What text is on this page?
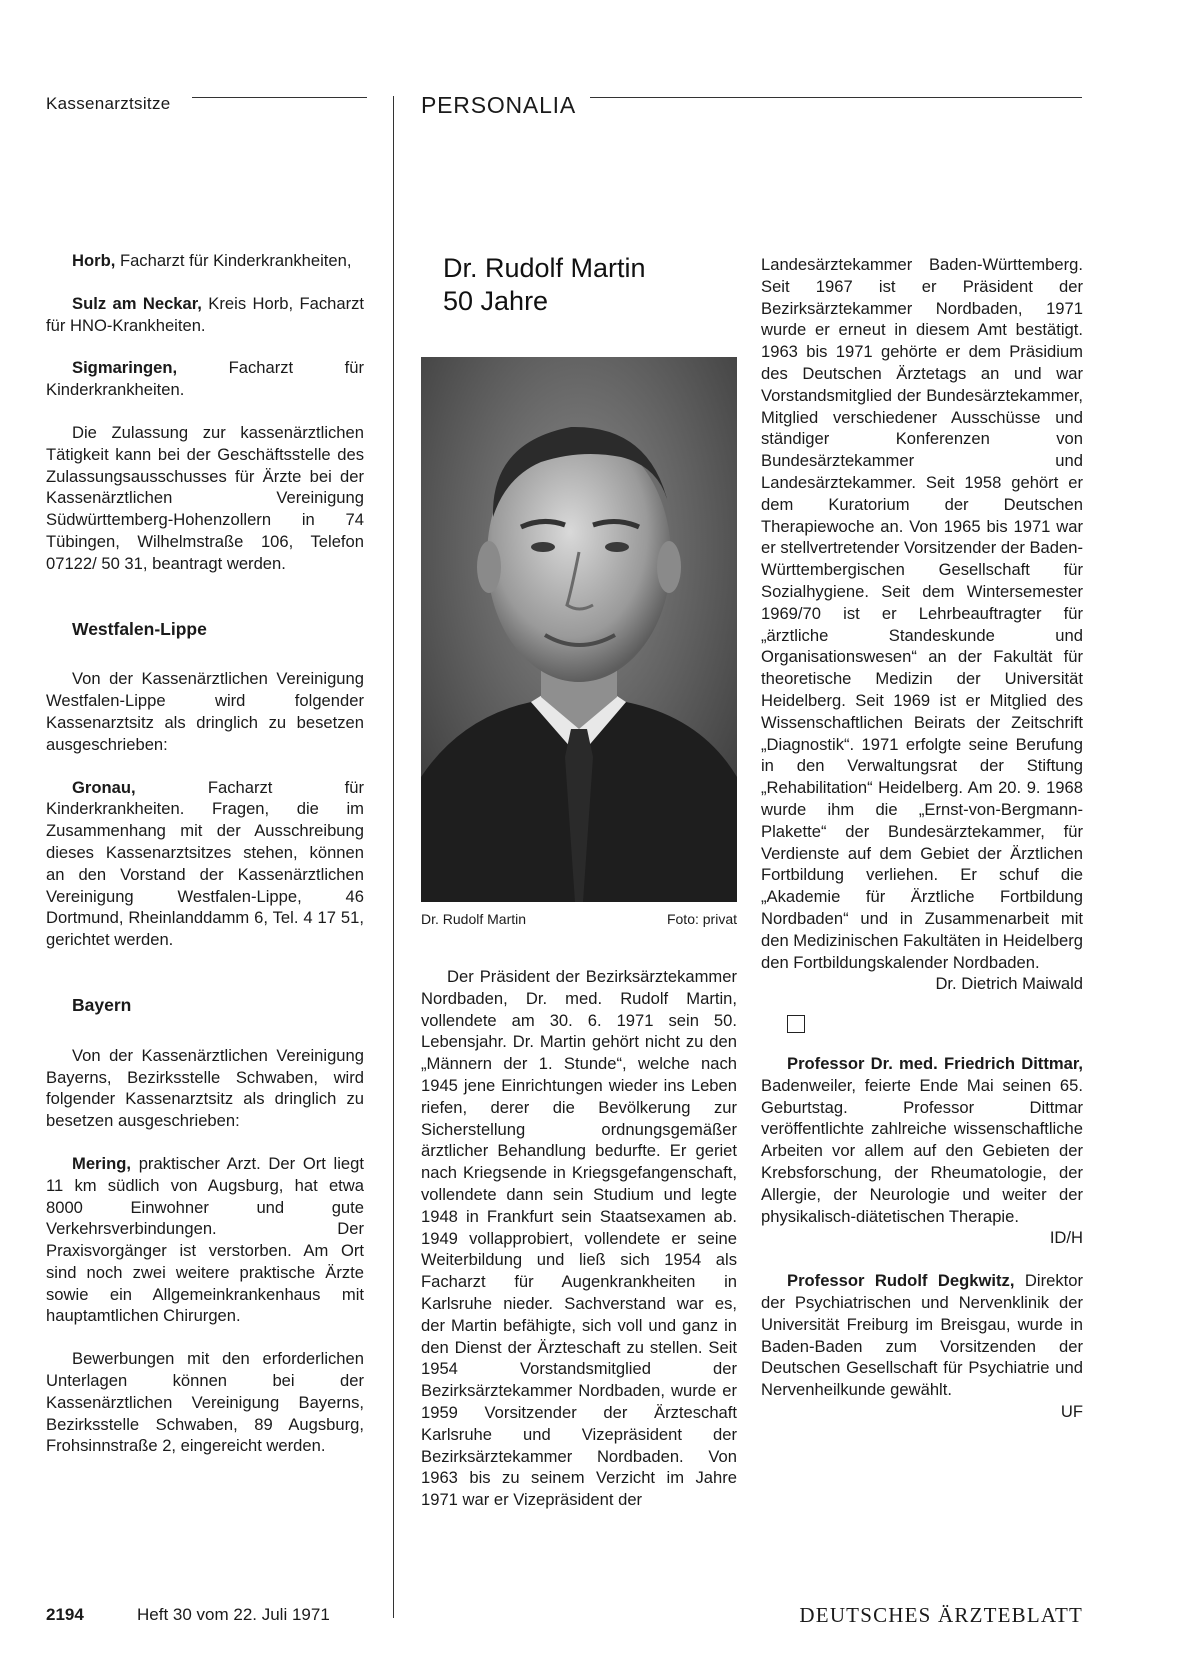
Kassenarztsitze	PERSONALIA

Horb, Facharzt für Kinderkrankheiten,

Sulz am Neckar, Kreis Horb, Facharzt für HNO-Krankheiten.

Sigmaringen, Facharzt für Kinderkrankheiten.

Die Zulassung zur kassenärztlichen Tätigkeit kann bei der Geschäftsstelle des Zulassungsausschusses für Ärzte bei der Kassenärztlichen Vereinigung Südwürttemberg-Hohenzollern in 74 Tübingen, Wilhelmstraße 106, Telefon 07122/ 50 31, beantragt werden.

Westfalen-Lippe

Von der Kassenärztlichen Vereinigung Westfalen-Lippe wird folgender Kassenarztsitz als dringlich zu besetzen ausgeschrieben:

Gronau, Facharzt für Kinderkrankheiten. Fragen, die im Zusammenhang mit der Ausschreibung dieses Kassenarztsitzes stehen, können an den Vorstand der Kassenärztlichen Vereinigung Westfalen-Lippe, 46 Dortmund, Rheinlanddamm 6, Tel. 4 17 51, gerichtet werden.

Bayern

Von der Kassenärztlichen Vereinigung Bayerns, Bezirksstelle Schwaben, wird folgender Kassenarztsitz als dringlich zu besetzen ausgeschrieben:

Mering, praktischer Arzt. Der Ort liegt 11 km südlich von Augsburg, hat etwa 8000 Einwohner und gute Verkehrsverbindungen. Der Praxisvorgänger ist verstorben. Am Ort sind noch zwei weitere praktische Ärzte sowie ein Allgemeinkrankenhaus mit hauptamtlichen Chirurgen.

Bewerbungen mit den erforderlichen Unterlagen können bei der Kassenärztlichen Vereinigung Bayerns, Bezirksstelle Schwaben, 89 Augsburg, Frohsinnstraße 2, eingereicht werden.

Dr. Rudolf Martin
50 Jahre
Dr. Rudolf Martin	Foto: privat

Der Präsident der Bezirksärztekammer Nordbaden, Dr. med. Rudolf Martin, vollendete am 30. 6. 1971 sein 50. Lebensjahr. Dr. Martin gehört nicht zu den „Männern der 1. Stunde“, welche nach 1945 jene Einrichtungen wieder ins Leben riefen, derer die Bevölkerung zur Sicherstellung ordnungsgemäßer ärztlicher Behandlung bedurfte. Er geriet nach Kriegsende in Kriegsgefangenschaft, vollendete dann sein Studium und legte 1948 in Frankfurt sein Staatsexamen ab. 1949 vollapprobiert, vollendete er seine Weiterbildung und ließ sich 1954 als Facharzt für Augenkrankheiten in Karlsruhe nieder. Sachverstand war es, der Martin befähigte, sich voll und ganz in den Dienst der Ärzteschaft zu stellen. Seit 1954 Vorstandsmitglied der Bezirksärztekammer Nordbaden, wurde er 1959 Vorsitzender der Ärzteschaft Karlsruhe und Vizepräsident der Bezirksärztekammer Nordbaden. Von 1963 bis zu seinem Verzicht im Jahre 1971 war er Vizepräsident der

Landesärztekammer Baden-Württemberg. Seit 1967 ist er Präsident der Bezirksärztekammer Nordbaden, 1971 wurde er erneut in diesem Amt bestätigt. 1963 bis 1971 gehörte er dem Präsidium des Deutschen Ärztetags an und war Vorstandsmitglied der Bundesärztekammer, Mitglied verschiedener Ausschüsse und ständiger Konferenzen von Bundesärztekammer und Landesärztekammer. Seit 1958 gehört er dem Kuratorium der Deutschen Therapiewoche an. Von 1965 bis 1971 war er stellvertretender Vorsitzender der Baden-Württembergischen Gesellschaft für Sozialhygiene. Seit dem Wintersemester 1969/70 ist er Lehrbeauftragter für „ärztliche Standeskunde und Organisationswesen“ an der Fakultät für theoretische Medizin der Universität Heidelberg. Seit 1969 ist er Mitglied des Wissenschaftlichen Beirats der Zeitschrift „Diagnostik“. 1971 erfolgte seine Berufung in den Verwaltungsrat der Stiftung „Rehabilitation“ Heidelberg. Am 20. 9. 1968 wurde ihm die „Ernst-von-Bergmann-Plakette“ der Bundesärztekammer, für Verdienste auf dem Gebiet der Ärztlichen Fortbildung verliehen. Er schuf die „Akademie für Ärztliche Fortbildung Nordbaden“ und in Zusammenarbeit mit den Medizinischen Fakultäten in Heidelberg den Fortbildungskalender Nordbaden.

Dr. Dietrich Maiwald

Professor Dr. med. Friedrich Dittmar, Badenweiler, feierte Ende Mai seinen 65. Geburtstag. Professor Dittmar veröffentlichte zahlreiche wissenschaftliche Arbeiten vor allem auf den Gebieten der Krebsforschung, der Rheumatologie, der Allergie, der Neurologie und weiter der physikalisch-diätetischen Therapie.

ID/H

Professor Rudolf Degkwitz, Direktor der Psychiatrischen und Nervenklinik der Universität Freiburg im Breisgau, wurde in Baden-Baden zum Vorsitzenden der Deutschen Gesellschaft für Psychiatrie und Nervenheilkunde gewählt.

UF

2194	Heft 30 vom 22. Juli 1971	DEUTSCHES ÄRZTEBLATT
